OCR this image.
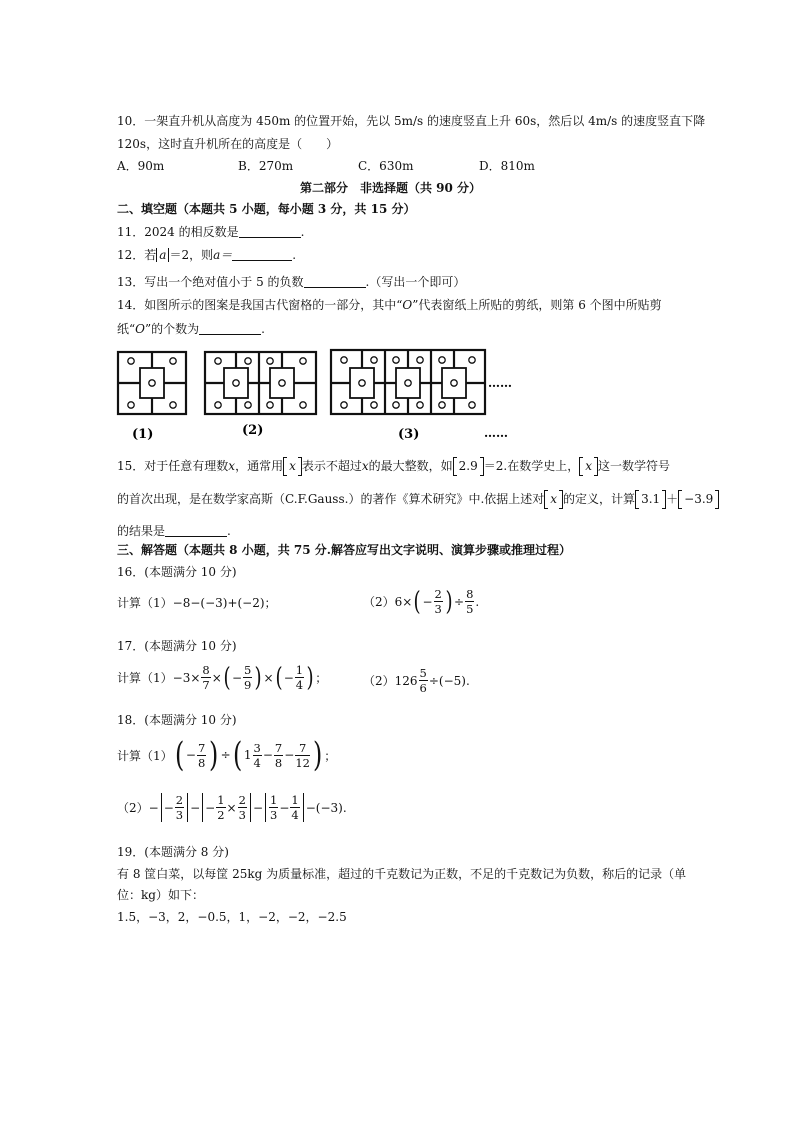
10．一架直升机从高度为 450m 的位置开始，先以 5m/s 的速度竖直上升 60s，然后以 4m/s 的速度竖直下降
120s，这时直升机所在的高度是（　　）
A．90m	B．270m	C．630m	D．810m
第二部分　非选择题（共 90 分）
二、填空题（本题共 5 小题，每小题 3 分，共 15 分）
11．2024 的相反数是	.
12．若 a ＝2，则a＝	.
13．写出一个绝对值小于 5 的负数	.（写出一个即可）
14．如图所示的图案是我国古代窗格的一部分，其中“O”代表窗纸上所贴的剪纸，则第 6 个图中所贴剪
纸“O”的个数为	.
……
……
(1)	(2)	(3)
15．对于任意有理数x，通常用 x 表示不超过x的最大整数，如 2.9 ＝2.在数学史上， x 这一数学符号
的首次出现，是在数学家高斯（C.F.Gauss.）的著作《算术研究》中.依据上述对 x 的定义，计算 3.1 ＋ −3.9
的结果是	.
三、解答题（本题共 8 小题，共 75 分.解答应写出文字说明、演算步骤或推理过程）
16．(本题满分 10 分)
计算（1）−8−(−3)+(−2)；	（2）6× ( − $\frac{2}{3}$ ) ÷ $\frac{8}{5}$ .
17．(本题满分 10 分)
计算$(1)-3\times \frac{8}{7}$ × ( − $\frac{5}{9}$ ) × ( − $\frac{1}{4}$ ) ；	$(2)126 \frac{5}{6} \div(-5)$.
18．(本题满分 10 分)
计算（1） ( − $\frac{7}{8}$ ) ÷ ( $1 \frac{3}{4} - \frac{7}{8} - \frac{7}{12}$ ) ；
（2） − − $\frac{2}{3}$ − − $\frac{1}{2} \times \frac{2}{3} - \frac{1}{3} - \frac{1}{4} - (-3)$.
19．(本题满分 8 分)
有 8 筐白菜，以每筐 25kg 为质量标准，超过的千克数记为正数，不足的千克数记为负数，称后的记录（单
位：kg）如下：
1.5，−3，2，−0.5，1，−2，−2，−2.5
